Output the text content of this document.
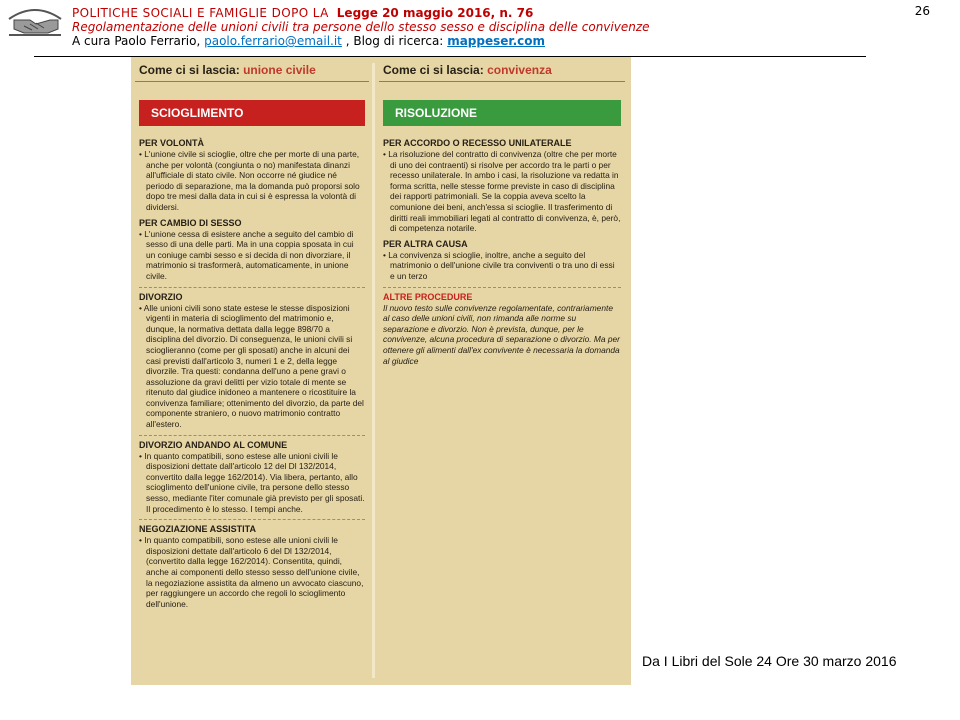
POLITICHE SOCIALI E FAMIGLIE DOPO LA Legge 20 maggio 2016, n. 76
Regolamentazione delle unioni civili tra persone dello stesso sesso e disciplina delle convivenze
A cura Paolo Ferrario, paolo.ferrario@email.it , Blog di ricerca: mappeser.com
26
Come ci si lascia: unione civile
SCIOGLIMENTO
PER VOLONTÀ
• L'unione civile si scioglie, oltre che per morte di una parte, anche per volontà (congiunta o no) manifestata dinanzi all'ufficiale di stato civile. Non occorre né giudice né periodo di separazione, ma la domanda può proporsi solo dopo tre mesi dalla data in cui si è espressa la volontà di dividersi.
PER CAMBIO DI SESSO
• L'unione cessa di esistere anche a seguito del cambio di sesso di una delle parti. Ma in una coppia sposata in cui un coniuge cambi sesso e si decida di non divorziare, il matrimonio si trasformerà, automaticamente, in unione civile.
DIVORZIO
• Alle unioni civili sono state estese le stesse disposizioni vigenti in materia di scioglimento del matrimonio e, dunque, la normativa dettata dalla legge 898/70 a disciplina del divorzio. Di conseguenza, le unioni civili si scioglieranno (come per gli sposati) anche in alcuni dei casi previsti dall'articolo 3, numeri 1 e 2, della legge divorzile. Tra questi: condanna dell'uno a pene gravi o assoluzione da gravi delitti per vizio totale di mente se ritenuto dal giudice inidoneo a mantenere o ricostituire la convivenza familiare; ottenimento del divorzio, da parte del componente straniero, o nuovo matrimonio contratto all'estero.
DIVORZIO ANDANDO AL COMUNE
• In quanto compatibili, sono estese alle unioni civili le disposizioni dettate dall'articolo 12 del Dl 132/2014, convertito dalla legge 162/2014). Via libera, pertanto, allo scioglimento dell'unione civile, tra persone dello stesso sesso, mediante l'iter comunale già previsto per gli sposati. Il procedimento è lo stesso. I tempi anche.
NEGOZIAZIONE ASSISTITA
• In quanto compatibili, sono estese alle unioni civili le disposizioni dettate dall'articolo 6 del Dl 132/2014, (convertito dalla legge 162/2014). Consentita, quindi, anche ai componenti dello stesso sesso dell'unione civile, la negoziazione assistita da almeno un avvocato ciascuno, per raggiungere un accordo che regoli lo scioglimento dell'unione.
Come ci si lascia: convivenza
RISOLUZIONE
PER ACCORDO O RECESSO UNILATERALE
• La risoluzione del contratto di convivenza (oltre che per morte di uno dei contraenti) si risolve per accordo tra le parti o per recesso unilaterale. In ambo i casi, la risoluzione va redatta in forma scritta, nelle stesse forme previste in caso di disciplina dei rapporti patrimoniali. Se la coppia aveva scelto la comunione dei beni, anch'essa si scioglie. Il trasferimento di diritti reali immobiliari legati al contratto di convivenza, è, però, di competenza notarile.
PER ALTRA CAUSA
• La convivenza si scioglie, inoltre, anche a seguito del matrimonio o dell'unione civile tra conviventi o tra uno di essi e un terzo
ALTRE PROCEDURE
Il nuovo testo sulle convivenze regolamentate, contrariamente al caso delle unioni civili, non rimanda alle norme su separazione e divorzio. Non è prevista, dunque, per le convivenze, alcuna procedura di separazione o divorzio. Ma per ottenere gli alimenti dall'ex convivente è necessaria la domanda al giudice
Da I Libri del Sole 24 Ore 30 marzo 2016
